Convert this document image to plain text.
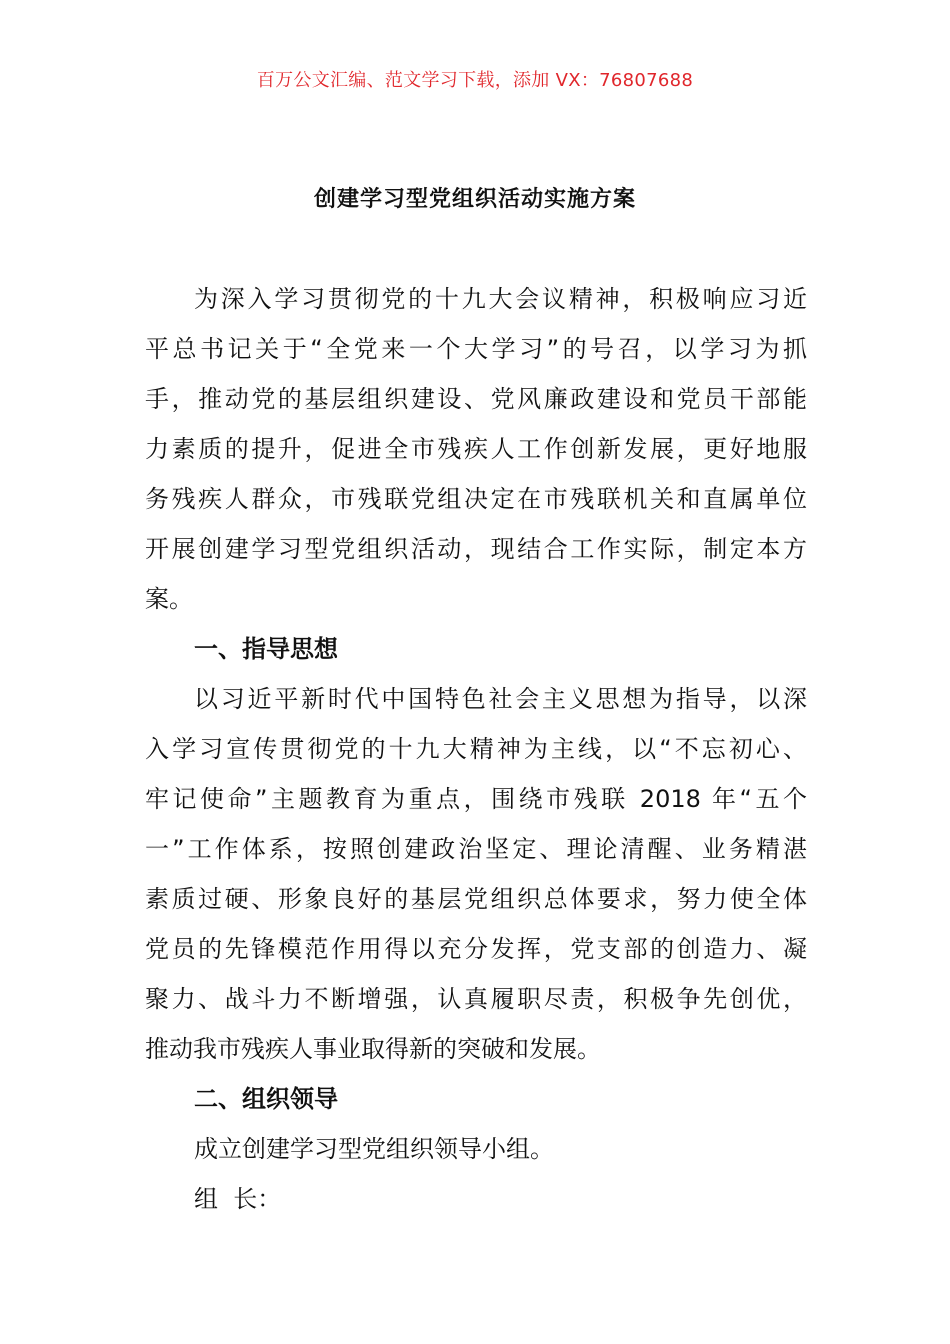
百万公文汇编、范文学习下载，添加 VX：76807688
创建学习型党组织活动实施方案
为深入学习贯彻党的十九大会议精神，积极响应习近
平总书记关于“全党来一个大学习”的号召，以学习为抓
手，推动党的基层组织建设、党风廉政建设和党员干部能
力素质的提升，促进全市残疾人工作创新发展，更好地服
务残疾人群众，市残联党组决定在市残联机关和直属单位
开展创建学习型党组织活动，现结合工作实际，制定本方
案。
一、指导思想
以习近平新时代中国特色社会主义思想为指导，以深
入学习宣传贯彻党的十九大精神为主线，以“不忘初心、
牢记使命”主题教育为重点，围绕市残联 2018 年“五个
一”工作体系，按照创建政治坚定、理论清醒、业务精湛
素质过硬、形象良好的基层党组织总体要求，努力使全体
党员的先锋模范作用得以充分发挥，党支部的创造力、凝
聚力、战斗力不断增强，认真履职尽责，积极争先创优，
推动我市残疾人事业取得新的突破和发展。
二、组织领导
成立创建学习型党组织领导小组。
组  长：
